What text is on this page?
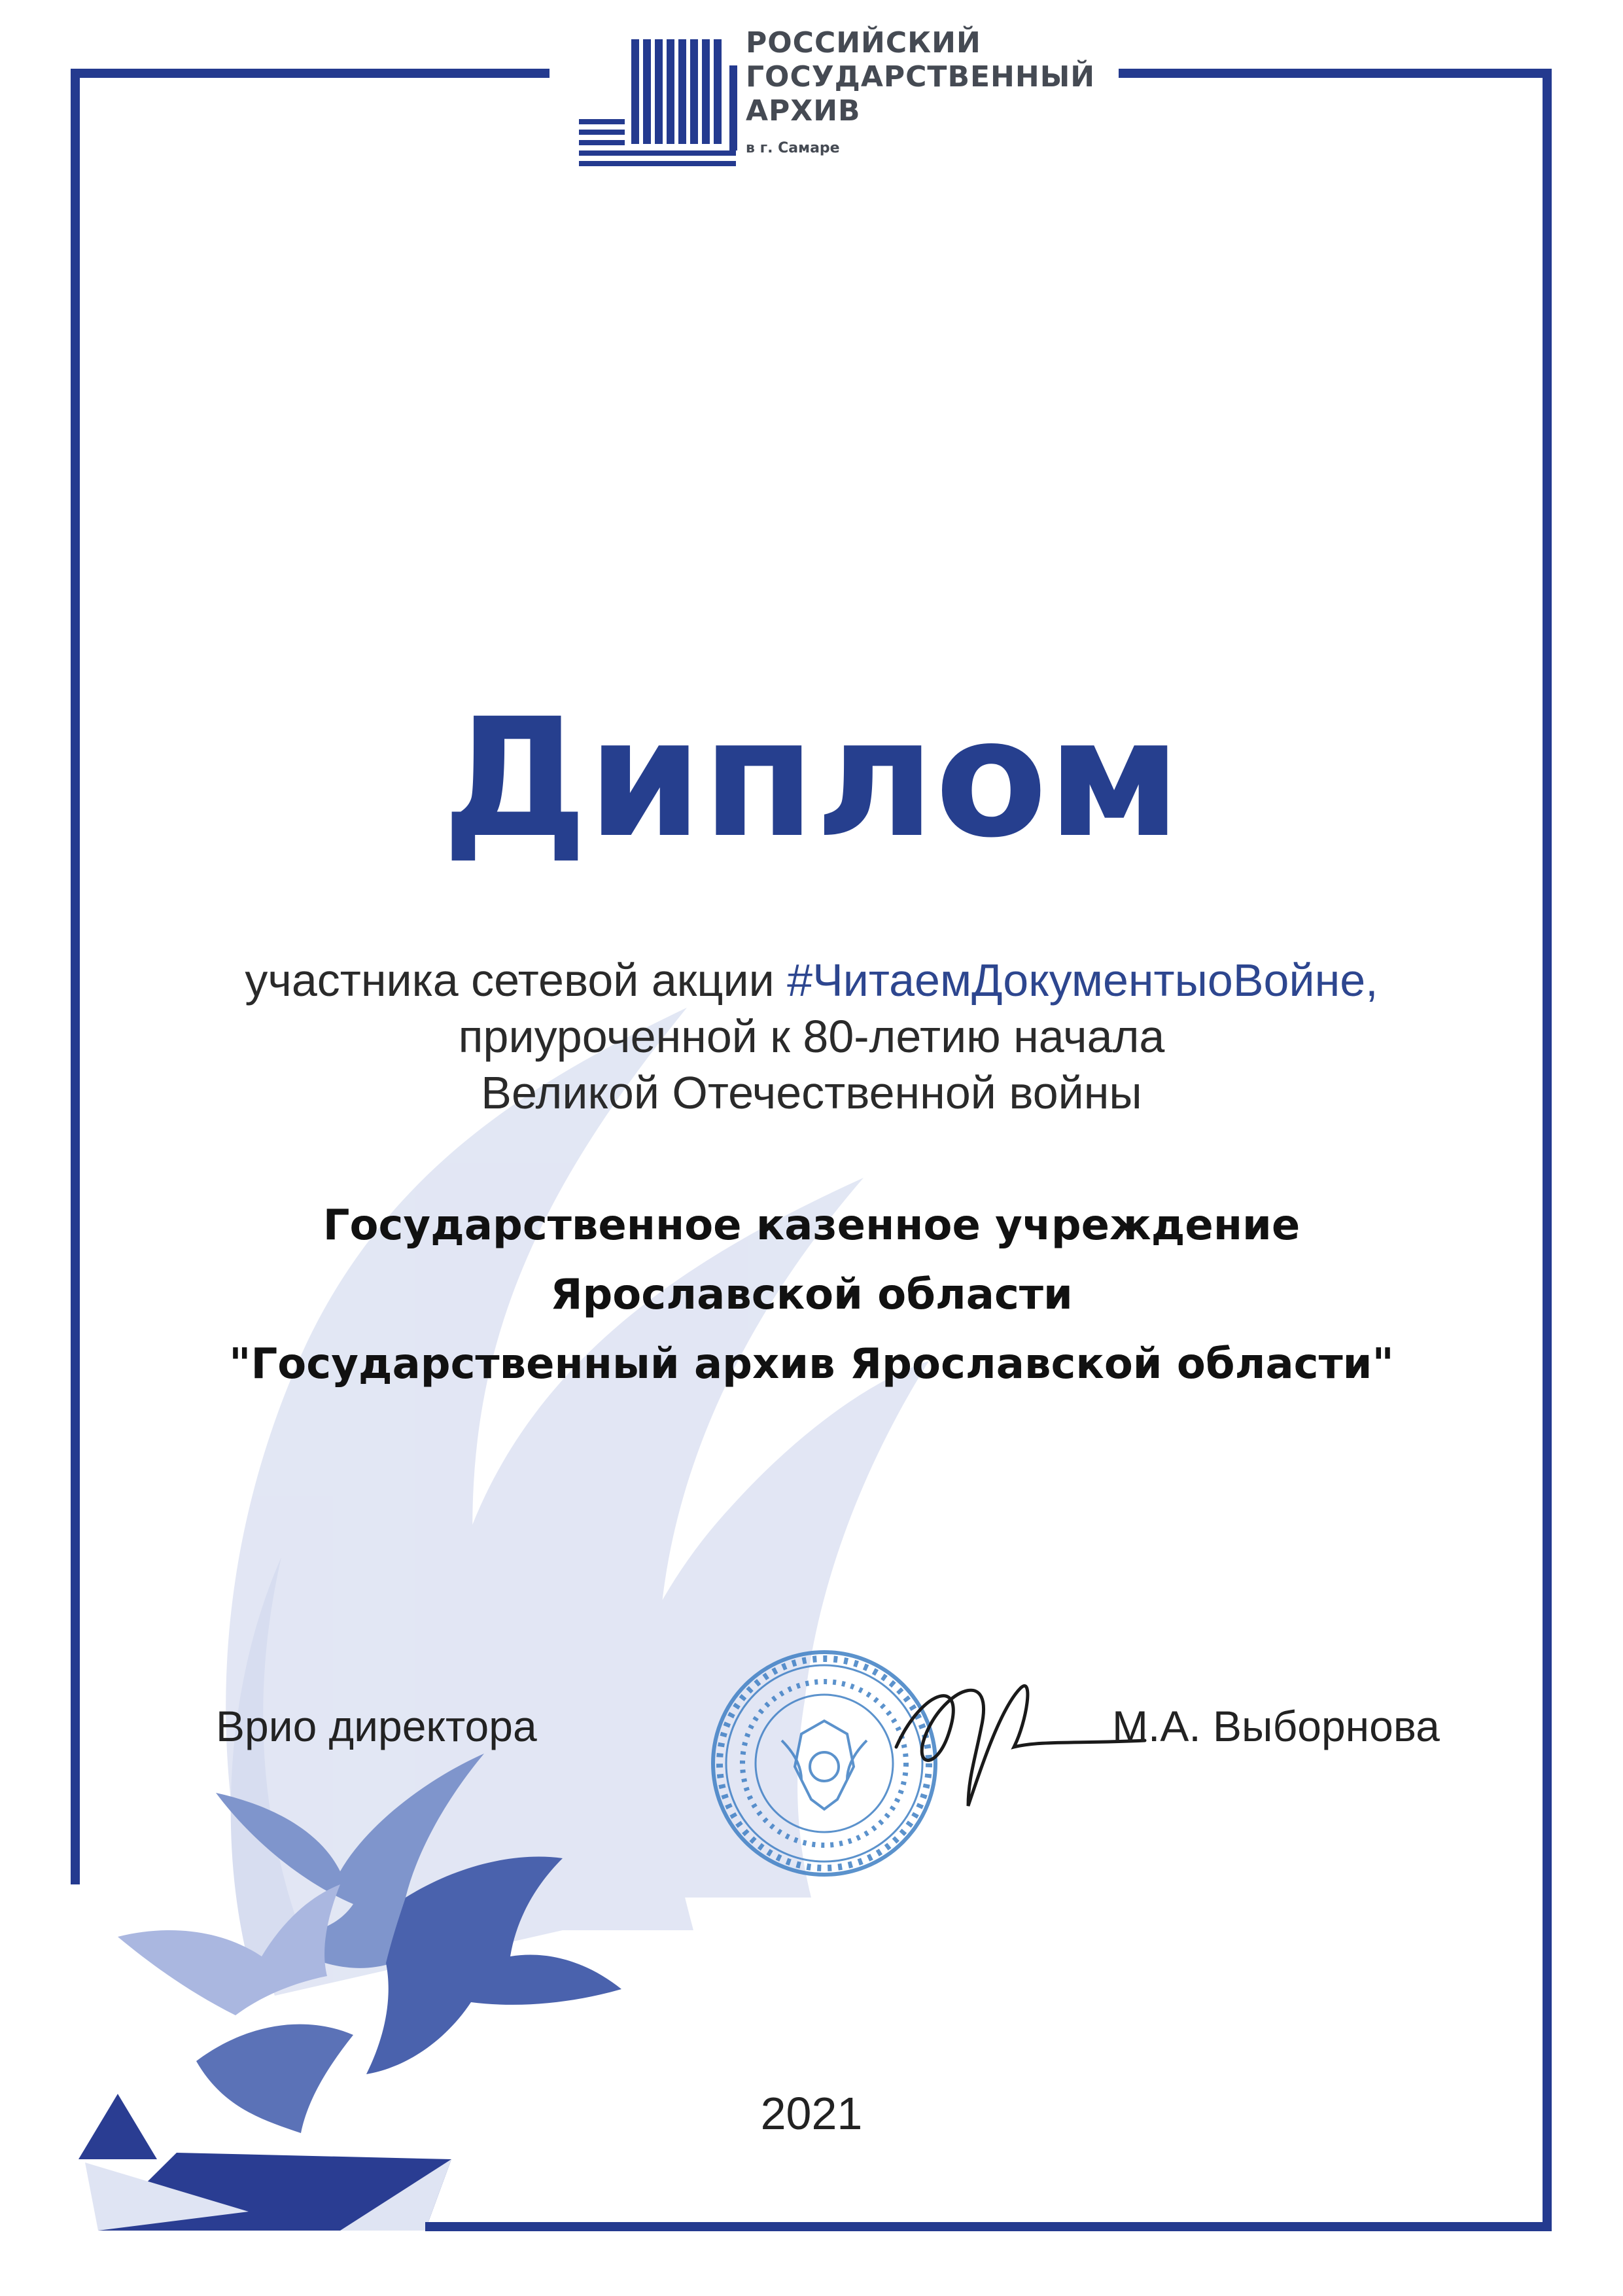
РОССИЙСКИЙ
ГОСУДАРСТВЕННЫЙ
АРХИВ
в г. Самаре
Диплом
участника сетевой акции #ЧитаемДокументыоВойне,
приуроченной к 80-летию начала
Великой Отечественной войны
Государственное казенное учреждение
Ярославской области
"Государственный архив Ярославской области"
Врио директора	М.А. Выборнова
2021
